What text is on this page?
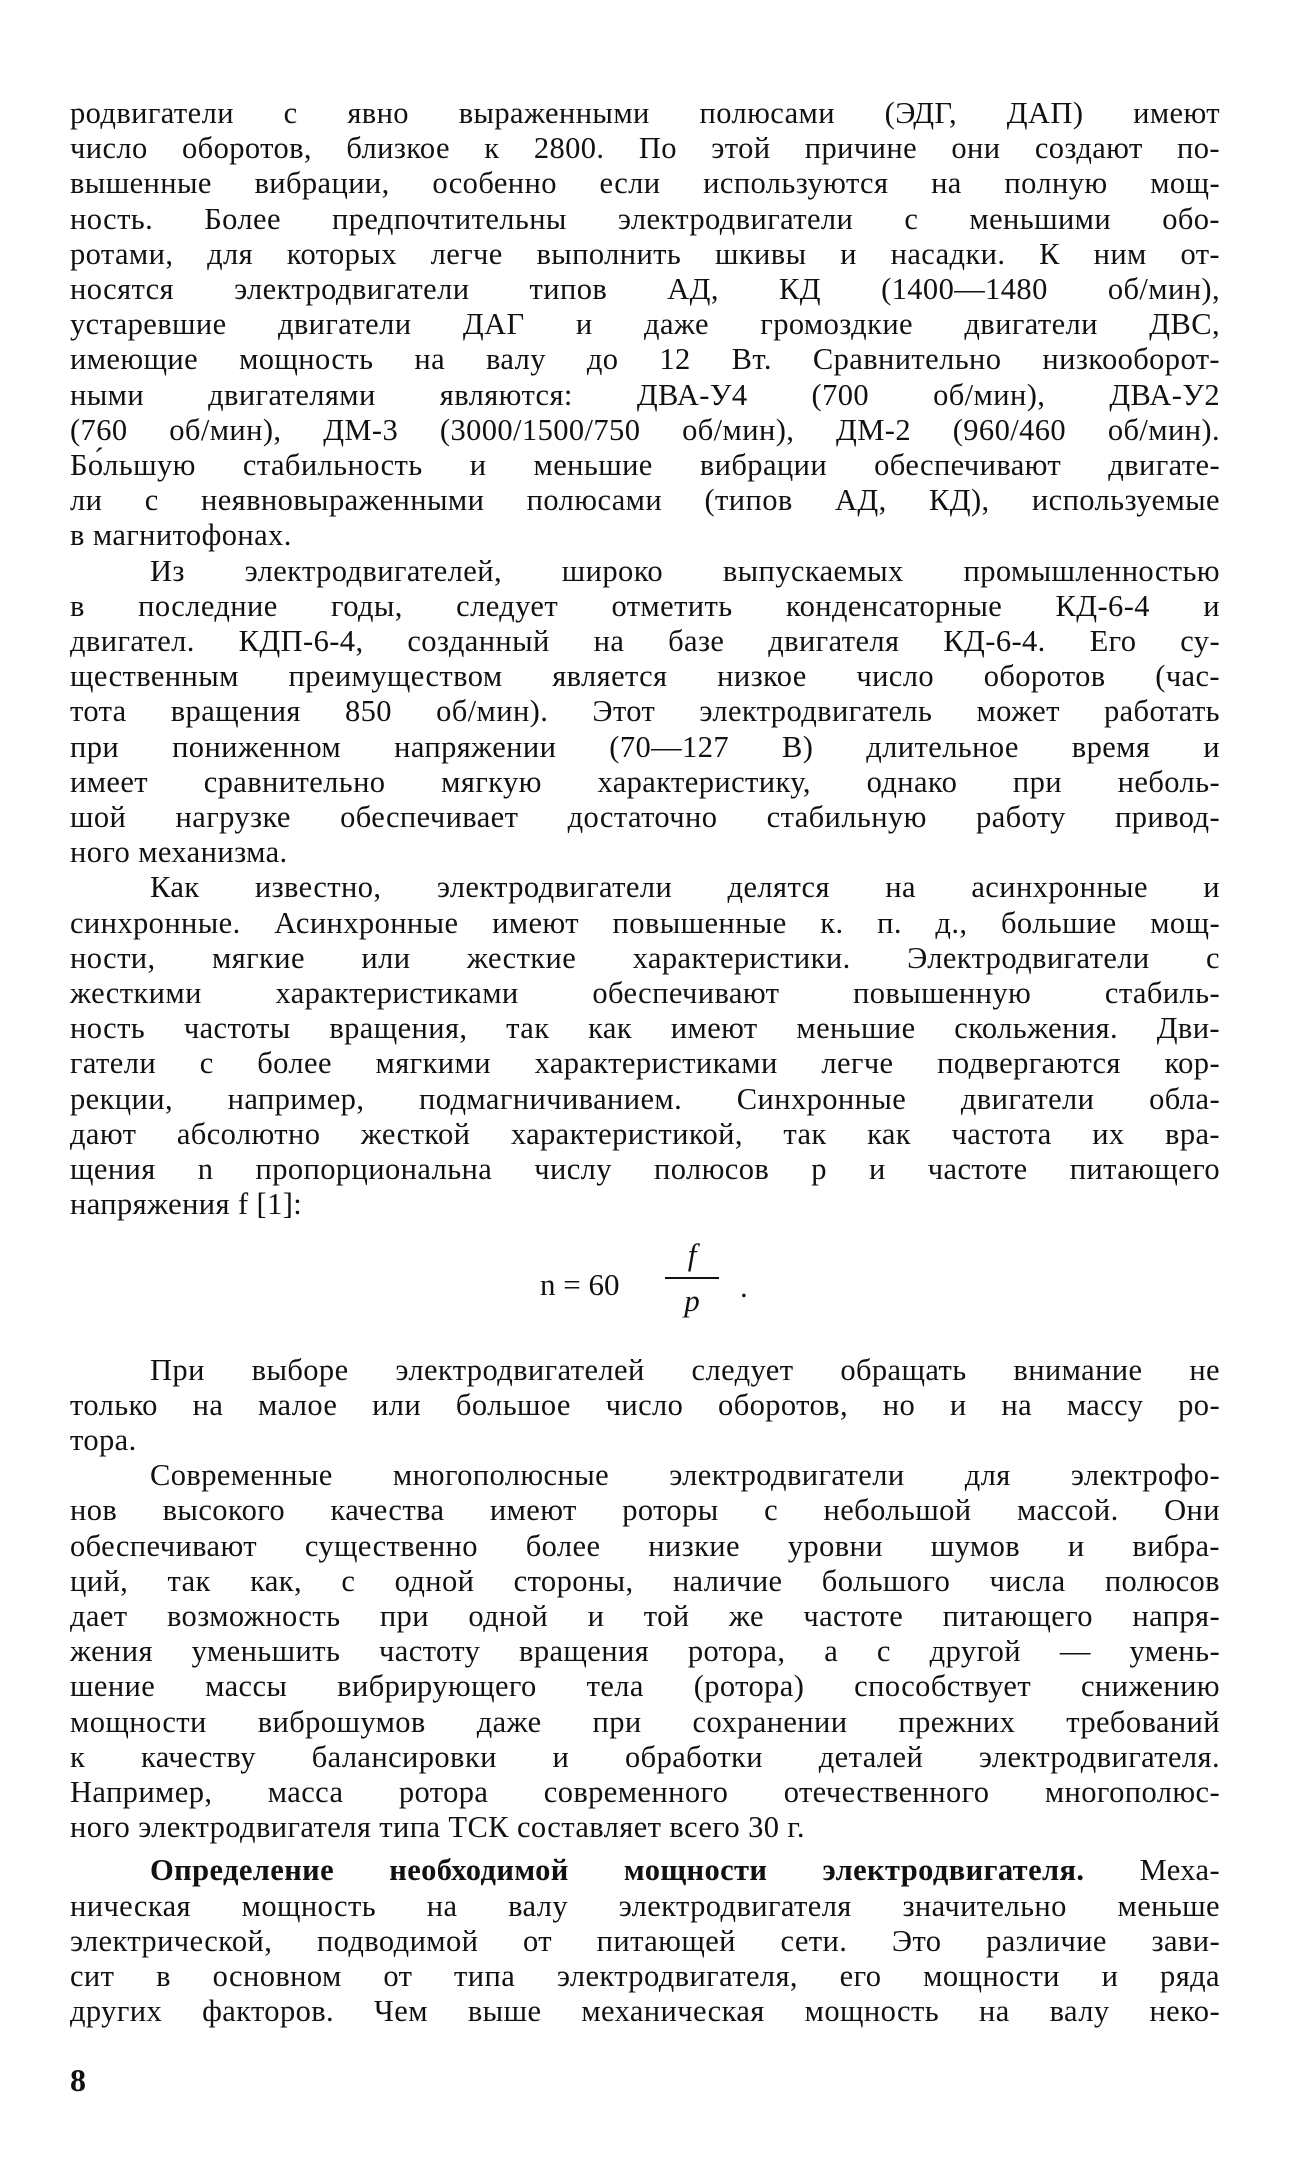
родвигатели с явно выраженными полюсами (ЭДГ, ДАП) имеют
число оборотов, близкое к 2800. По этой причине они создают по-
вышенные вибрации, особенно если используются на полную мощ-
ность. Более предпочтительны электродвигатели с меньшими обо-
ротами, для которых легче выполнить шкивы и насадки. К ним от-
носятся электродвигатели типов АД, КД (1400—1480 об/мин),
устаревшие двигатели ДАГ и даже громоздкие двигатели ДВС,
имеющие мощность на валу до 12 Вт. Сравнительно низкооборот-
ными двигателями являются: ДВА-У4 (700 об/мин), ДВА-У2
(760 об/мин), ДМ-3 (3000/1500/750 об/мин), ДМ-2 (960/460 об/мин).
Бо́льшую стабильность и меньшие вибрации обеспечивают двигате-
ли с неявновыраженными полюсами (типов АД, КД), используемые
в магнитофонах.

Из электродвигателей, широко выпускаемых промышленностью
в последние годы, следует отметить конденсаторные КД-6-4 и
двигател. КДП-6-4, созданный на базе двигателя КД-6-4. Его су-
щественным преимуществом является низкое число оборотов (час-
тота вращения 850 об/мин). Этот электродвигатель может работать
при пониженном напряжении (70—127 В) длительное время и
имеет сравнительно мягкую характеристику, однако при неболь-
шой нагрузке обеспечивает достаточно стабильную работу привод-
ного механизма.

Как известно, электродвигатели делятся на асинхронные и
синхронные. Асинхронные имеют повышенные к. п. д., большие мощ-
ности, мягкие или жесткие характеристики. Электродвигатели с
жесткими характеристиками обеспечивают повышенную стабиль-
ность частоты вращения, так как имеют меньшие скольжения. Дви-
гатели с более мягкими характеристиками легче подвергаются кор-
рекции, например, подмагничиванием. Синхронные двигатели обла-
дают абсолютно жесткой характеристикой, так как частота их вра-
щения n пропорциональна числу полюсов p и частоте питающего
напряжения f [1]:

n = 60
f
p	.

При выборе электродвигателей следует обращать внимание не
только на малое или большое число оборотов, но и на массу ро-
тора.

Современные многополюсные электродвигатели для электрофо-
нов высокого качества имеют роторы с небольшой массой. Они
обеспечивают существенно более низкие уровни шумов и вибра-
ций, так как, с одной стороны, наличие большого числа полюсов
дает возможность при одной и той же частоте питающего напря-
жения уменьшить частоту вращения ротора, а с другой — умень-
шение массы вибрирующего тела (ротора) способствует снижению
мощности виброшумов даже при сохранении прежних требований
к качеству балансировки и обработки деталей электродвигателя.
Например, масса ротора современного отечественного многополюс-
ного электродвигателя типа ТСК составляет всего 30 г.

Определение необходимой мощности электродвигателя. Меха-
ническая мощность на валу электродвигателя значительно меньше
электрической, подводимой от питающей сети. Это различие зави-
сит в основном от типа электродвигателя, его мощности и ряда
других факторов. Чем выше механическая мощность на валу неко-

8
